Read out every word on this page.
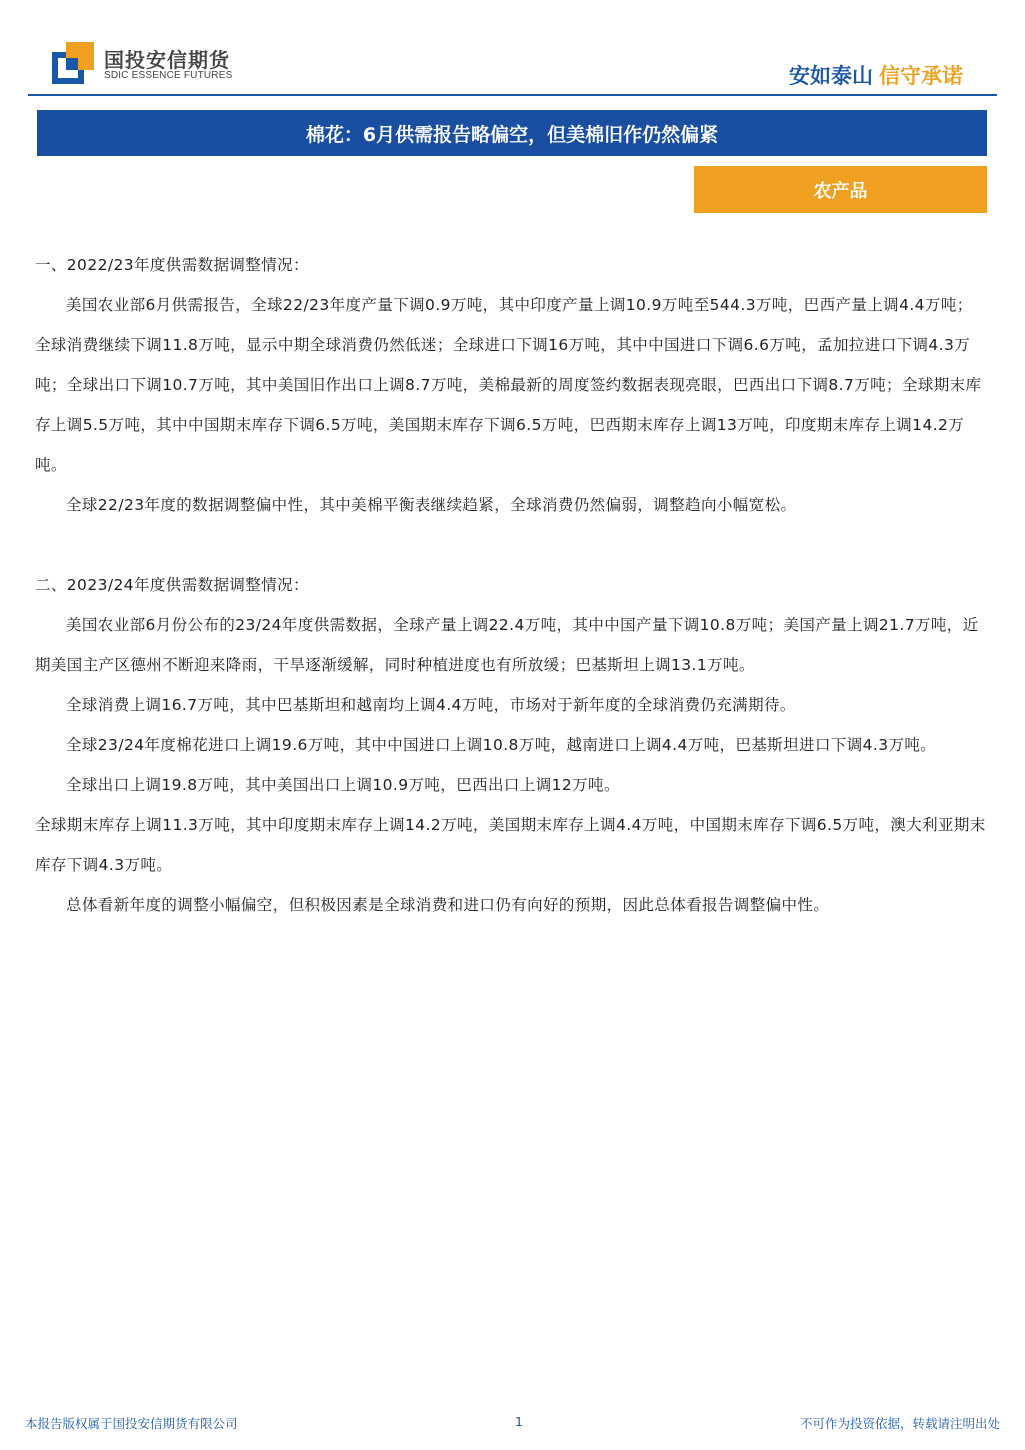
国投安信期货
SDIC ESSENCE FUTURES	安如泰山 信守承诺
棉花：6月供需报告略偏空，但美棉旧作仍然偏紧
农产品

一、2022/23年度供需数据调整情况：

美国农业部6月供需报告，全球22/23年度产量下调0.9万吨，其中印度产量上调10.9万吨至544.3万吨，巴西产量上调4.4万吨；全球消费继续下调11.8万吨，显示中期全球消费仍然低迷；全球进口下调16万吨，其中中国进口下调6.6万吨，孟加拉进口下调4.3万吨；全球出口下调10.7万吨，其中美国旧作出口上调8.7万吨，美棉最新的周度签约数据表现亮眼，巴西出口下调8.7万吨；全球期末库存上调5.5万吨，其中中国期末库存下调6.5万吨，美国期末库存下调6.5万吨，巴西期末库存上调13万吨，印度期末库存上调14.2万吨。

全球22/23年度的数据调整偏中性，其中美棉平衡表继续趋紧，全球消费仍然偏弱，调整趋向小幅宽松。

二、2023/24年度供需数据调整情况：

美国农业部6月份公布的23/24年度供需数据，全球产量上调22.4万吨，其中中国产量下调10.8万吨；美国产量上调21.7万吨，近期美国主产区德州不断迎来降雨，干旱逐渐缓解，同时种植进度也有所放缓；巴基斯坦上调13.1万吨。

全球消费上调16.7万吨，其中巴基斯坦和越南均上调4.4万吨，市场对于新年度的全球消费仍充满期待。

全球23/24年度棉花进口上调19.6万吨，其中中国进口上调10.8万吨，越南进口上调4.4万吨，巴基斯坦进口下调4.3万吨。

全球出口上调19.8万吨，其中美国出口上调10.9万吨，巴西出口上调12万吨。

全球期末库存上调11.3万吨，其中印度期末库存上调14.2万吨，美国期末库存上调4.4万吨，中国期末库存下调6.5万吨，澳大利亚期末库存下调4.3万吨。

总体看新年度的调整小幅偏空，但积极因素是全球消费和进口仍有向好的预期，因此总体看报告调整偏中性。

本报告版权属于国投安信期货有限公司	1	不可作为投资依据，转载请注明出处
